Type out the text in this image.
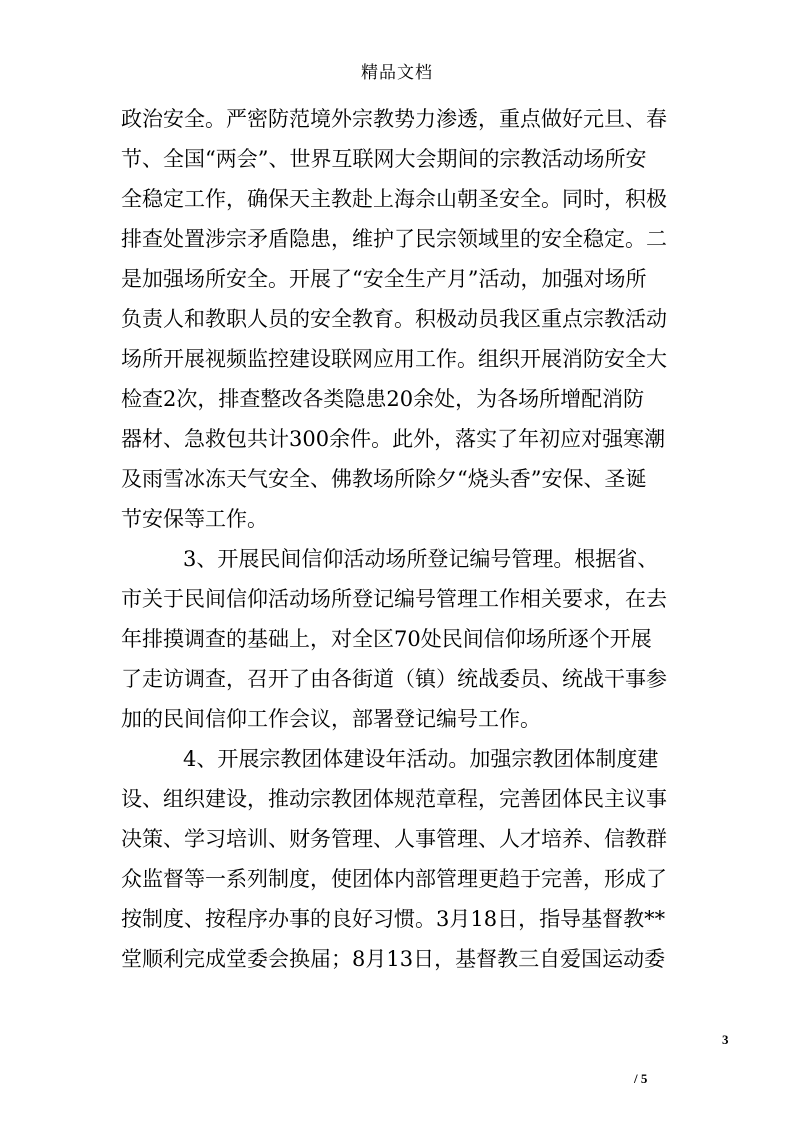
精品文档
政治安全。严密防范境外宗教势力渗透，重点做好元旦、春
节、全国“两会”、世界互联网大会期间的宗教活动场所安
全稳定工作，确保天主教赴上海佘山朝圣安全。同时，积极
排查处置涉宗矛盾隐患，维护了民宗领域里的安全稳定。二
是加强场所安全。开展了“安全生产月”活动，加强对场所
负责人和教职人员的安全教育。积极动员我区重点宗教活动
场所开展视频监控建设联网应用工作。组织开展消防安全大
检查2次，排查整改各类隐患20余处，为各场所增配消防
器材、急救包共计300余件。此外，落实了年初应对强寒潮
及雨雪冰冻天气安全、佛教场所除夕“烧头香”安保、圣诞
节安保等工作。
3、开展民间信仰活动场所登记编号管理。根据省、
市关于民间信仰活动场所登记编号管理工作相关要求，在去
年排摸调查的基础上，对全区70处民间信仰场所逐个开展
了走访调查，召开了由各街道（镇）统战委员、统战干事参
加的民间信仰工作会议，部署登记编号工作。
4、开展宗教团体建设年活动。加强宗教团体制度建
设、组织建设，推动宗教团体规范章程，完善团体民主议事
决策、学习培训、财务管理、人事管理、人才培养、信教群
众监督等一系列制度，使团体内部管理更趋于完善，形成了
按制度、按程序办事的良好习惯。3月18日，指导基督教**
堂顺利完成堂委会换届；8月13日，基督教三自爱国运动委
3
/ 5
